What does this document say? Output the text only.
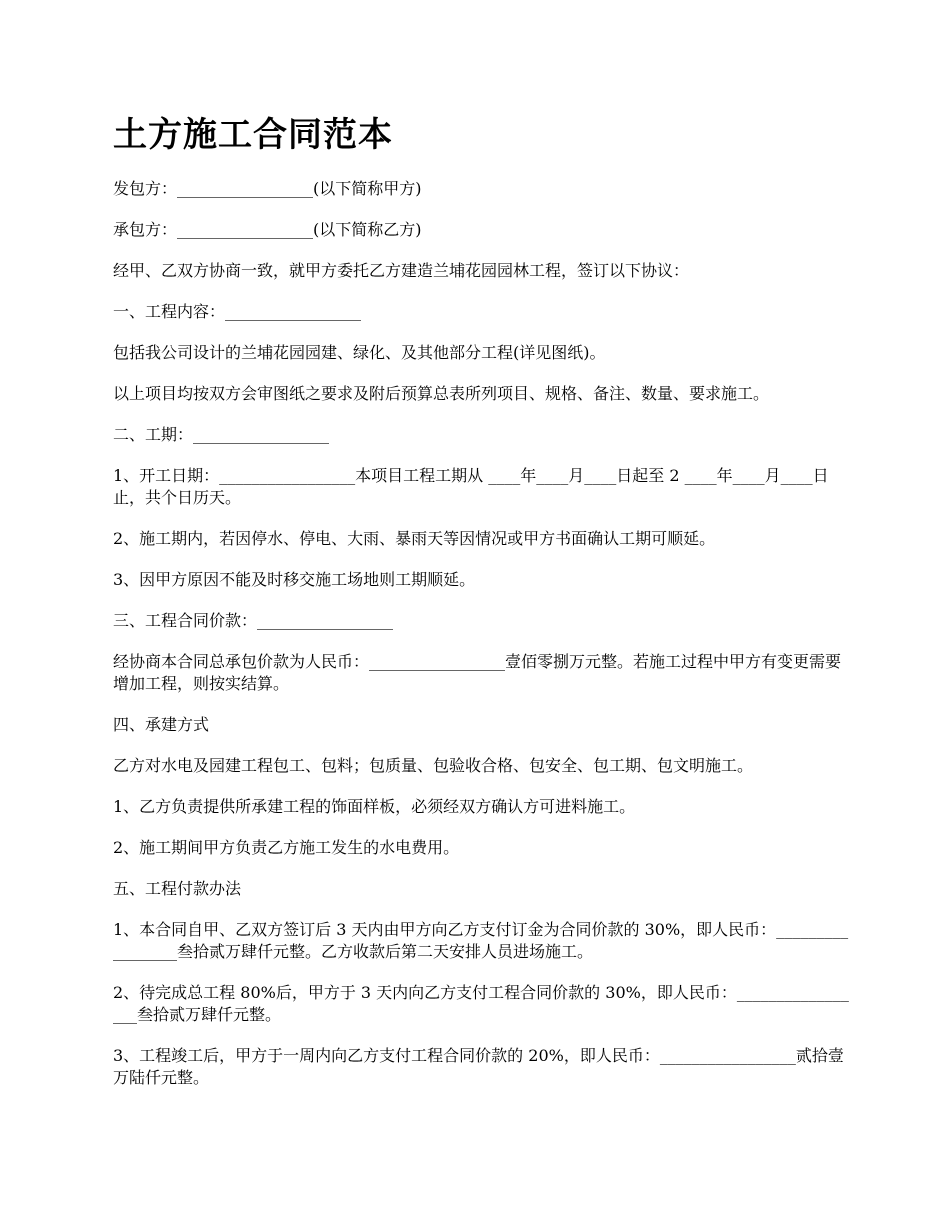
土方施工合同范本

发包方：_________________(以下简称甲方)

承包方：_________________(以下简称乙方)

经甲、乙双方协商一致，就甲方委托乙方建造兰埔花园园林工程，签订以下协议：

一、工程内容：_________________

包括我公司设计的兰埔花园园建、绿化、及其他部分工程(详见图纸)。

以上项目均按双方会审图纸之要求及附后预算总表所列项目、规格、备注、数量、要求施工。

二、工期：_________________

1、开工日期：_________________本项目工程工期从 ____年____月____日起至 2 ____年____月____日止，共个日历天。

2、施工期内，若因停水、停电、大雨、暴雨天等因情况或甲方书面确认工期可顺延。

3、因甲方原因不能及时移交施工场地则工期顺延。

三、工程合同价款：_________________

经协商本合同总承包价款为人民币：_________________壹佰零捌万元整。若施工过程中甲方有变更需要增加工程，则按实结算。

四、承建方式

乙方对水电及园建工程包工、包料；包质量、包验收合格、包安全、包工期、包文明施工。

1、乙方负责提供所承建工程的饰面样板，必须经双方确认方可进料施工。

2、施工期间甲方负责乙方施工发生的水电费用。

五、工程付款办法

1、本合同自甲、乙双方签订后 3 天内由甲方向乙方支付订金为合同价款的 30%，即人民币：_________________叁拾贰万肆仟元整。乙方收款后第二天安排人员进场施工。

2、待完成总工程 80%后，甲方于 3 天内向乙方支付工程合同价款的 30%，即人民币：_________________叁拾贰万肆仟元整。

3、工程竣工后，甲方于一周内向乙方支付工程合同价款的 20%，即人民币：_________________贰拾壹万陆仟元整。
